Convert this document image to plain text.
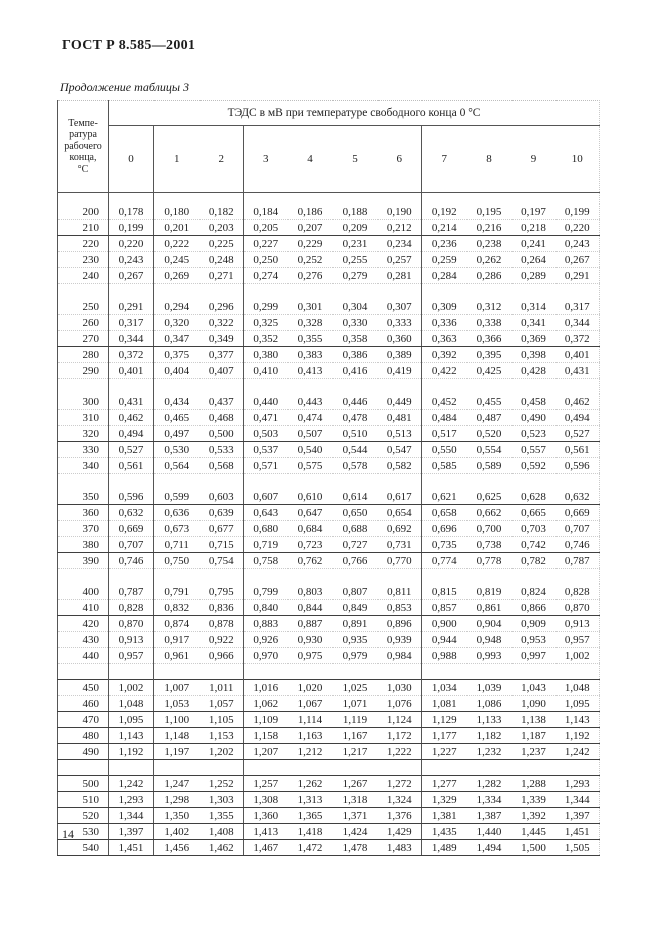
ГОСТ Р 8.585—2001
Продолжение таблицы 3
Темпе-
ратура
рабочего
конца,
°С	ТЭДС в мВ при температуре свободного конца 0 °С										
	0	1	2	3	4	5	6	7	8	9	10

200	0,178	0,180	0,182	0,184	0,186	0,188	0,190	0,192	0,195	0,197	0,199
210	0,199	0,201	0,203	0,205	0,207	0,209	0,212	0,214	0,216	0,218	0,220
220	0,220	0,222	0,225	0,227	0,229	0,231	0,234	0,236	0,238	0,241	0,243
230	0,243	0,245	0,248	0,250	0,252	0,255	0,257	0,259	0,262	0,264	0,267
240	0,267	0,269	0,271	0,274	0,276	0,279	0,281	0,284	0,286	0,289	0,291

250	0,291	0,294	0,296	0,299	0,301	0,304	0,307	0,309	0,312	0,314	0,317
260	0,317	0,320	0,322	0,325	0,328	0,330	0,333	0,336	0,338	0,341	0,344
270	0,344	0,347	0,349	0,352	0,355	0,358	0,360	0,363	0,366	0,369	0,372
280	0,372	0,375	0,377	0,380	0,383	0,386	0,389	0,392	0,395	0,398	0,401
290	0,401	0,404	0,407	0,410	0,413	0,416	0,419	0,422	0,425	0,428	0,431

300	0,431	0,434	0,437	0,440	0,443	0,446	0,449	0,452	0,455	0,458	0,462
310	0,462	0,465	0,468	0,471	0,474	0,478	0,481	0,484	0,487	0,490	0,494
320	0,494	0,497	0,500	0,503	0,507	0,510	0,513	0,517	0,520	0,523	0,527
330	0,527	0,530	0,533	0,537	0,540	0,544	0,547	0,550	0,554	0,557	0,561
340	0,561	0,564	0,568	0,571	0,575	0,578	0,582	0,585	0,589	0,592	0,596

350	0,596	0,599	0,603	0,607	0,610	0,614	0,617	0,621	0,625	0,628	0,632
360	0,632	0,636	0,639	0,643	0,647	0,650	0,654	0,658	0,662	0,665	0,669
370	0,669	0,673	0,677	0,680	0,684	0,688	0,692	0,696	0,700	0,703	0,707
380	0,707	0,711	0,715	0,719	0,723	0,727	0,731	0,735	0,738	0,742	0,746
390	0,746	0,750	0,754	0,758	0,762	0,766	0,770	0,774	0,778	0,782	0,787

400	0,787	0,791	0,795	0,799	0,803	0,807	0,811	0,815	0,819	0,824	0,828
410	0,828	0,832	0,836	0,840	0,844	0,849	0,853	0,857	0,861	0,866	0,870
420	0,870	0,874	0,878	0,883	0,887	0,891	0,896	0,900	0,904	0,909	0,913
430	0,913	0,917	0,922	0,926	0,930	0,935	0,939	0,944	0,948	0,953	0,957
440	0,957	0,961	0,966	0,970	0,975	0,979	0,984	0,988	0,993	0,997	1,002

450	1,002	1,007	1,011	1,016	1,020	1,025	1,030	1,034	1,039	1,043	1,048
460	1,048	1,053	1,057	1,062	1,067	1,071	1,076	1,081	1,086	1,090	1,095
470	1,095	1,100	1,105	1,109	1,114	1,119	1,124	1,129	1,133	1,138	1,143
480	1,143	1,148	1,153	1,158	1,163	1,167	1,172	1,177	1,182	1,187	1,192
490	1,192	1,197	1,202	1,207	1,212	1,217	1,222	1,227	1,232	1,237	1,242

500	1,242	1,247	1,252	1,257	1,262	1,267	1,272	1,277	1,282	1,288	1,293
510	1,293	1,298	1,303	1,308	1,313	1,318	1,324	1,329	1,334	1,339	1,344
520	1,344	1,350	1,355	1,360	1,365	1,371	1,376	1,381	1,387	1,392	1,397
530	1,397	1,402	1,408	1,413	1,418	1,424	1,429	1,435	1,440	1,445	1,451
540	1,451	1,456	1,462	1,467	1,472	1,478	1,483	1,489	1,494	1,500	1,505
14
